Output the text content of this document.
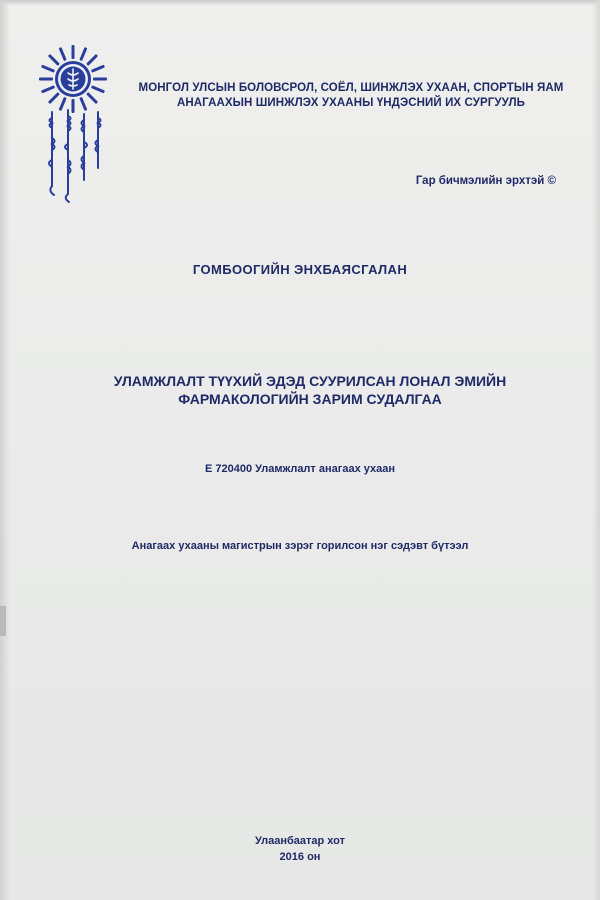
МОНГОЛ УЛСЫН БОЛОВСРОЛ, СОЁЛ, ШИНЖЛЭХ УХААН, СПОРТЫН ЯАМ
АНАГААХЫН ШИНЖЛЭХ УХААНЫ ҮНДЭСНИЙ ИХ СУРГУУЛЬ
Гар бичмэлийн эрхтэй ©
ГОМБООГИЙН ЭНХБАЯСГАЛАН
УЛАМЖЛАЛТ ТҮҮХИЙ ЭДЭД СУУРИЛСАН ЛОНАЛ ЭМИЙН
ФАРМАКОЛОГИЙН ЗАРИМ СУДАЛГАА
Е 720400 Уламжлалт анагаах ухаан
Анагаах ухааны магистрын зэрэг горилсон нэг сэдэвт бүтээл
Улаанбаатар хот
2016 он
